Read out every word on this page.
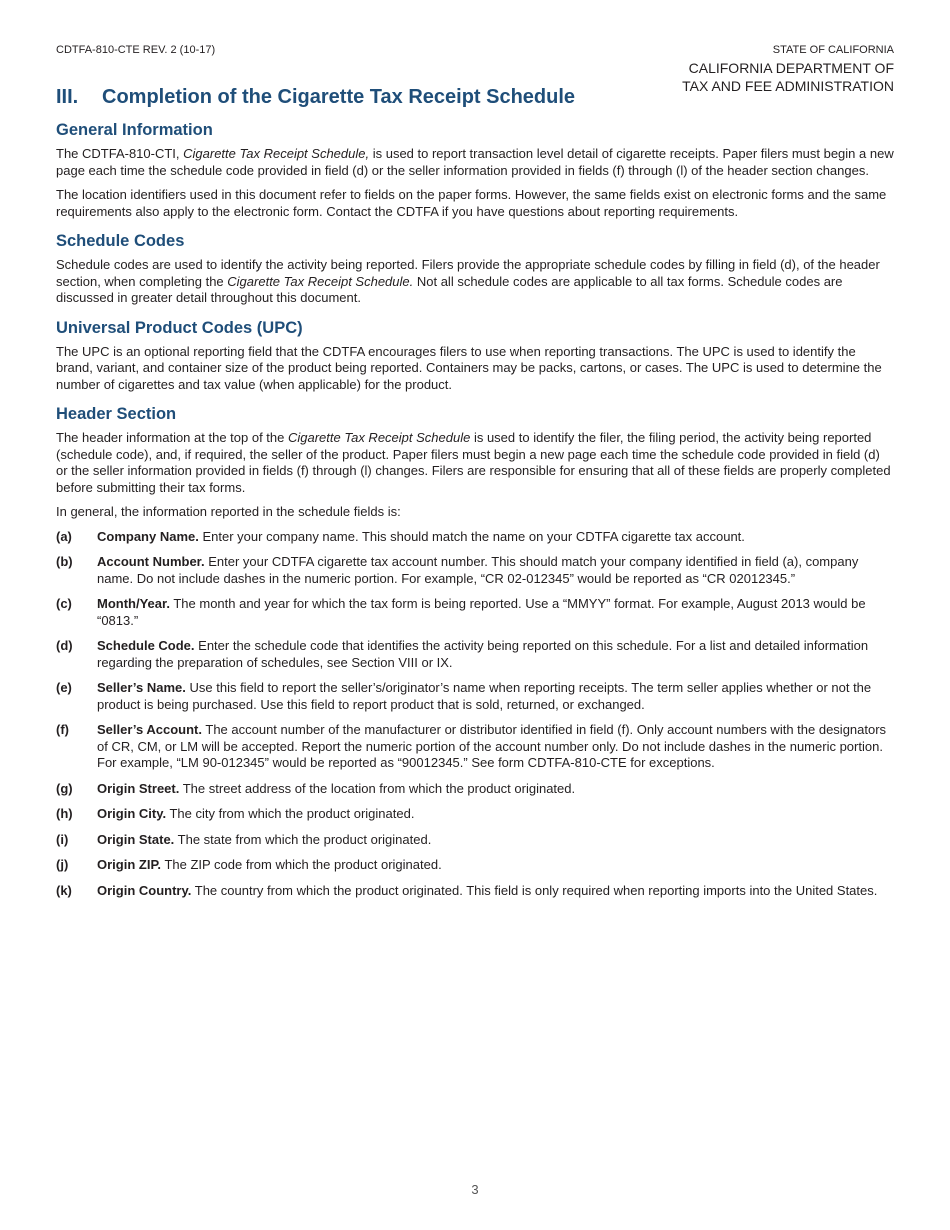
CDTFA-810-CTE REV. 2 (10-17)	STATE OF CALIFORNIA
CALIFORNIA DEPARTMENT OF
TAX AND FEE ADMINISTRATION
III. Completion of the Cigarette Tax Receipt Schedule
General Information

The CDTFA-810-CTI, Cigarette Tax Receipt Schedule, is used to report transaction level detail of cigarette receipts. Paper filers must begin a new page each time the schedule code provided in field (d) or the seller information provided in fields (f) through (l) of the header section changes.

The location identifiers used in this document refer to fields on the paper forms. However, the same fields exist on electronic forms and the same requirements also apply to the electronic form. Contact the CDTFA if you have questions about reporting requirements.

Schedule Codes

Schedule codes are used to identify the activity being reported. Filers provide the appropriate schedule codes by filling in field (d), of the header section, when completing the Cigarette Tax Receipt Schedule. Not all schedule codes are applicable to all tax forms. Schedule codes are discussed in greater detail throughout this document.

Universal Product Codes (UPC)

The UPC is an optional reporting field that the CDTFA encourages filers to use when reporting transactions. The UPC is used to identify the brand, variant, and container size of the product being reported. Containers may be packs, cartons, or cases. The UPC is used to determine the number of cigarettes and tax value (when applicable) for the product.

Header Section

The header information at the top of the Cigarette Tax Receipt Schedule is used to identify the filer, the filing period, the activity being reported (schedule code), and, if required, the seller of the product. Paper filers must begin a new page each time the schedule code provided in field (d) or the seller information provided in fields (f) through (l) changes. Filers are responsible for ensuring that all of these fields are properly completed before submitting their tax forms.

In general, the information reported in the schedule fields is:

(a)	Company Name. Enter your company name. This should match the name on your CDTFA cigarette tax account.
(b)	Account Number. Enter your CDTFA cigarette tax account number. This should match your company identified in field (a), company name. Do not include dashes in the numeric portion. For example, “CR 02-012345” would be reported as “CR 02012345.”
(c)	Month/Year. The month and year for which the tax form is being reported. Use a “MMYY” format. For example, August 2013 would be “0813.”
(d)	Schedule Code. Enter the schedule code that identifies the activity being reported on this schedule. For a list and detailed information regarding the preparation of schedules, see Section VIII or IX.
(e)	Seller’s Name. Use this field to report the seller’s/originator’s name when reporting receipts. The term seller applies whether or not the product is being purchased. Use this field to report product that is sold, returned, or exchanged.
(f)	Seller’s Account. The account number of the manufacturer or distributor identified in field (f). Only account numbers with the designators of CR, CM, or LM will be accepted. Report the numeric portion of the account number only. Do not include dashes in the numeric portion. For example, “LM 90-012345” would be reported as “90012345.” See form CDTFA-810-CTE for exceptions.
(g)	Origin Street. The street address of the location from which the product originated.
(h)	Origin City. The city from which the product originated.
(i)	Origin State. The state from which the product originated.
(j)	Origin ZIP. The ZIP code from which the product originated.
(k)	Origin Country. The country from which the product originated. This field is only required when reporting imports into the United States.
3
